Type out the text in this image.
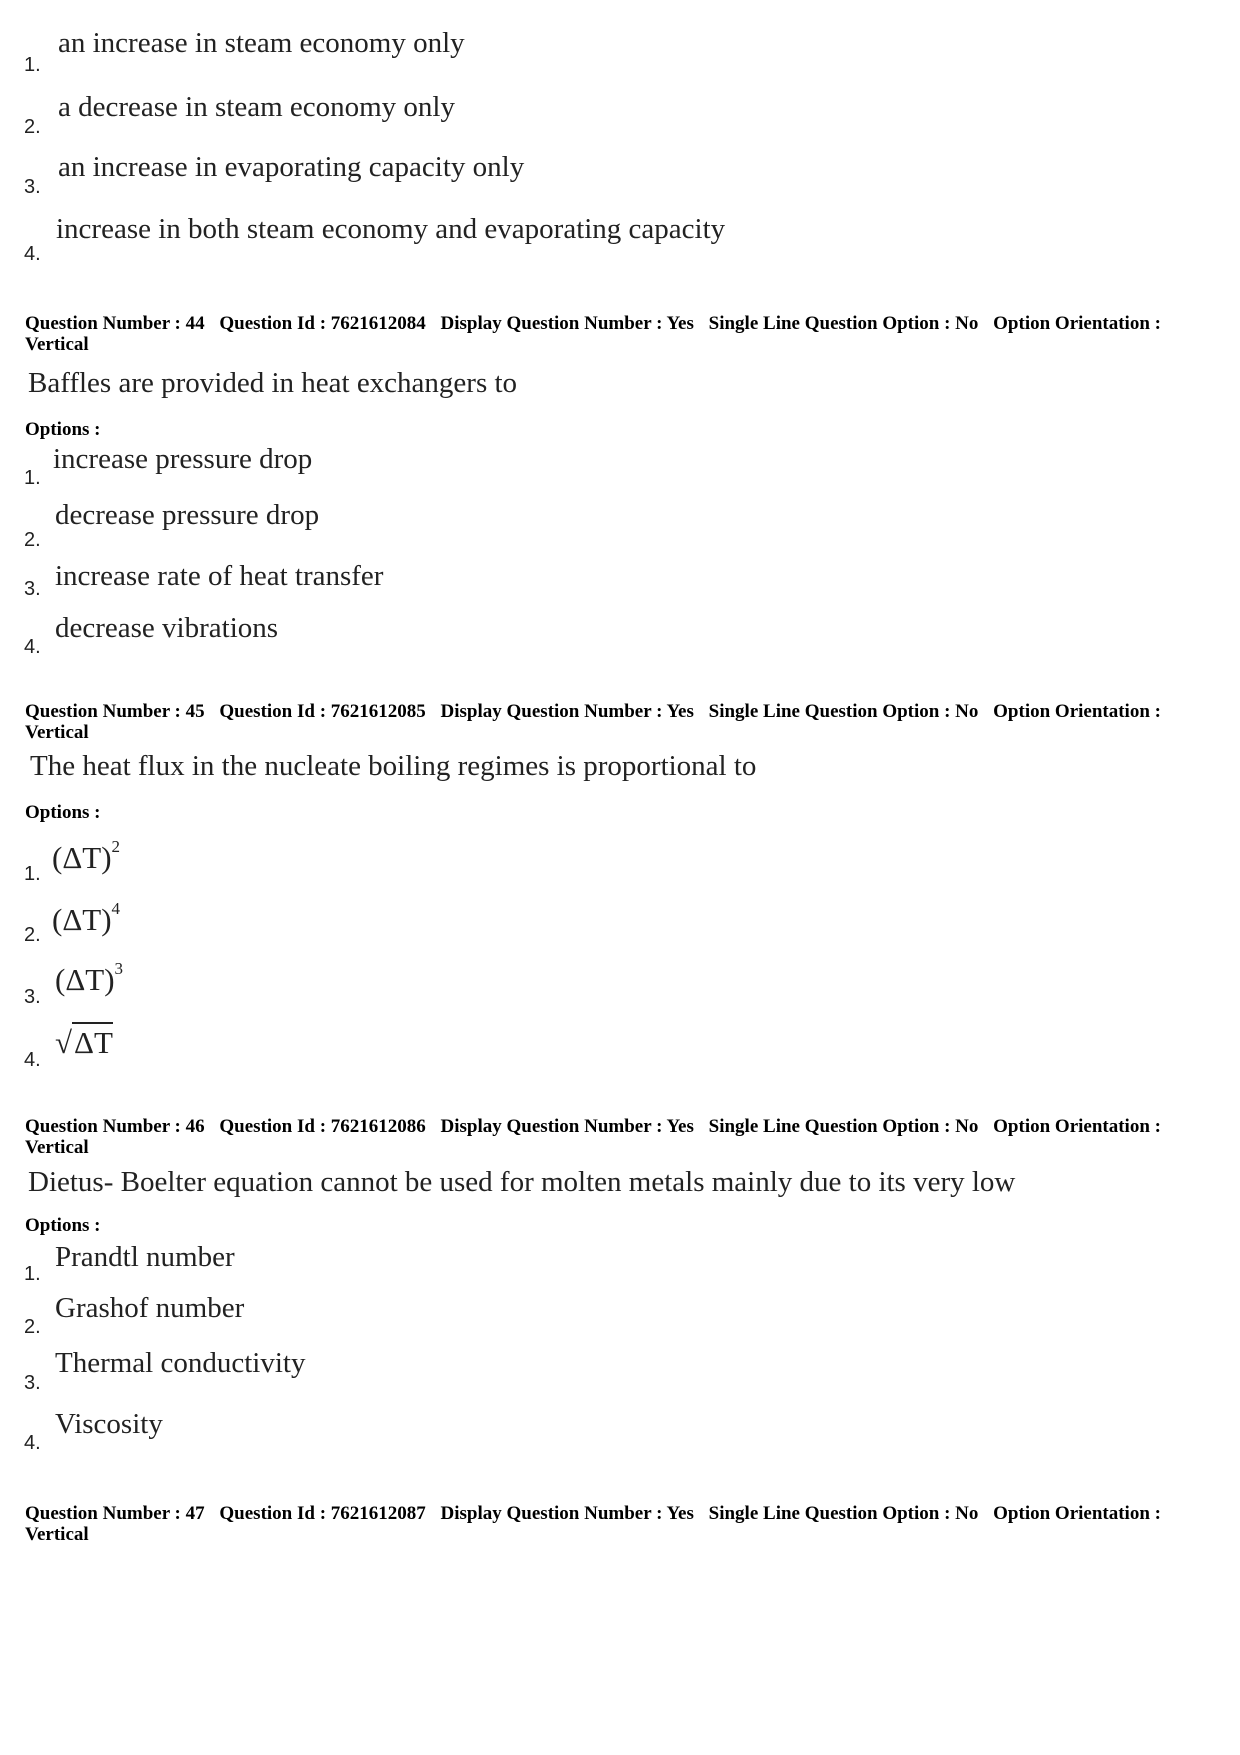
1.
an increase in steam economy only
2.
a decrease in steam economy only
3.
an increase in evaporating capacity only
4.
increase in both steam economy and evaporating capacity
Question Number : 44 Question Id : 7621612084 Display Question Number : Yes Single Line Question Option : No Option Orientation : Vertical
Baffles are provided in heat exchangers to
Options :
1.
increase pressure drop
2.
decrease pressure drop
3. increase rate of heat transfer
4.
decrease vibrations
Question Number : 45 Question Id : 7621612085 Display Question Number : Yes Single Line Question Option : No Option Orientation : Vertical
The heat flux in the nucleate boiling regimes is proportional to
Options :
1. $(\Delta T)^2$
2. $(\Delta T)^4$
3. $(\Delta T)^3$
4. √ΔT
Question Number : 46 Question Id : 7621612086 Display Question Number : Yes Single Line Question Option : No Option Orientation : Vertical
Dietus- Boelter equation cannot be used for molten metals mainly due to its very low
Options :
1.
Prandtl number
2.
Grashof number
3.
Thermal conductivity
4.
Viscosity
Question Number : 47 Question Id : 7621612087 Display Question Number : Yes Single Line Question Option : No Option Orientation : Vertical
